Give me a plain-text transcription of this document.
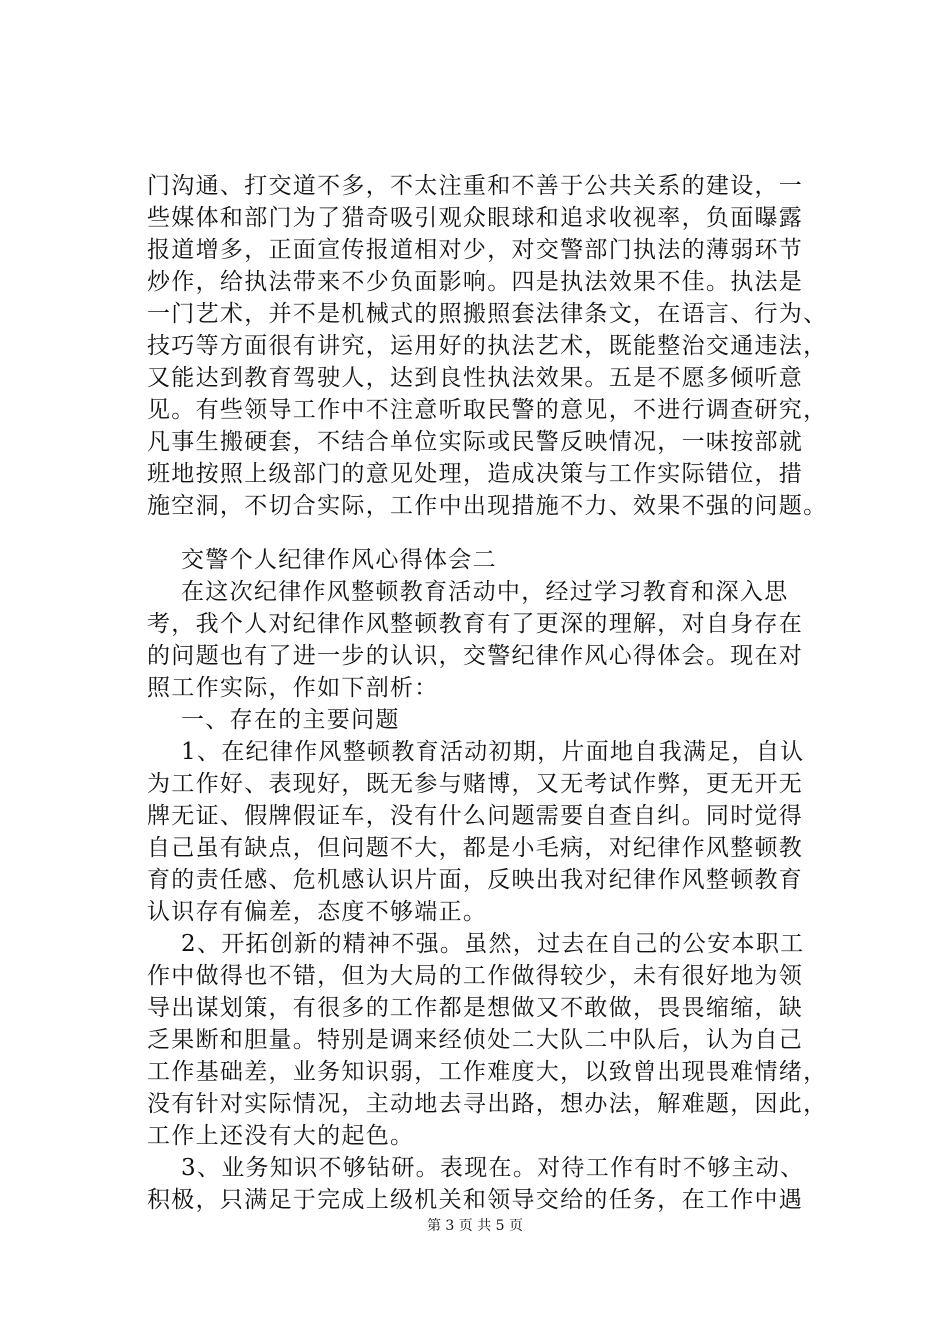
门沟通、打交道不多，不太注重和不善于公共关系的建设，一
些媒体和部门为了猎奇吸引观众眼球和追求收视率，负面曝露
报道增多，正面宣传报道相对少，对交警部门执法的薄弱环节
炒作，给执法带来不少负面影响。四是执法效果不佳。执法是
一门艺术，并不是机械式的照搬照套法律条文，在语言、行为、
技巧等方面很有讲究，运用好的执法艺术，既能整治交通违法，
又能达到教育驾驶人，达到良性执法效果。五是不愿多倾听意
见。有些领导工作中不注意听取民警的意见，不进行调查研究，
凡事生搬硬套，不结合单位实际或民警反映情况，一味按部就
班地按照上级部门的意见处理，造成决策与工作实际错位，措
施空洞，不切合实际，工作中出现措施不力、效果不强的问题。
交警个人纪律作风心得体会二
在这次纪律作风整顿教育活动中，经过学习教育和深入思
考，我个人对纪律作风整顿教育有了更深的理解，对自身存在
的问题也有了进一步的认识，交警纪律作风心得体会。现在对
照工作实际，作如下剖析：
一、存在的主要问题
1、在纪律作风整顿教育活动初期，片面地自我满足，自认
为工作好、表现好，既无参与赌博，又无考试作弊，更无开无
牌无证、假牌假证车，没有什么问题需要自查自纠。同时觉得
自己虽有缺点，但问题不大，都是小毛病，对纪律作风整顿教
育的责任感、危机感认识片面，反映出我对纪律作风整顿教育
认识存有偏差，态度不够端正。
2、开拓创新的精神不强。虽然，过去在自己的公安本职工
作中做得也不错，但为大局的工作做得较少，未有很好地为领
导出谋划策，有很多的工作都是想做又不敢做，畏畏缩缩，缺
乏果断和胆量。特别是调来经侦处二大队二中队后，认为自己
工作基础差，业务知识弱，工作难度大，以致曾出现畏难情绪，
没有针对实际情况，主动地去寻出路，想办法，解难题，因此，
工作上还没有大的起色。
3、业务知识不够钻研。表现在。对待工作有时不够主动、
积极，只满足于完成上级机关和领导交给的任务，在工作中遇
第 3 页 共 5 页
